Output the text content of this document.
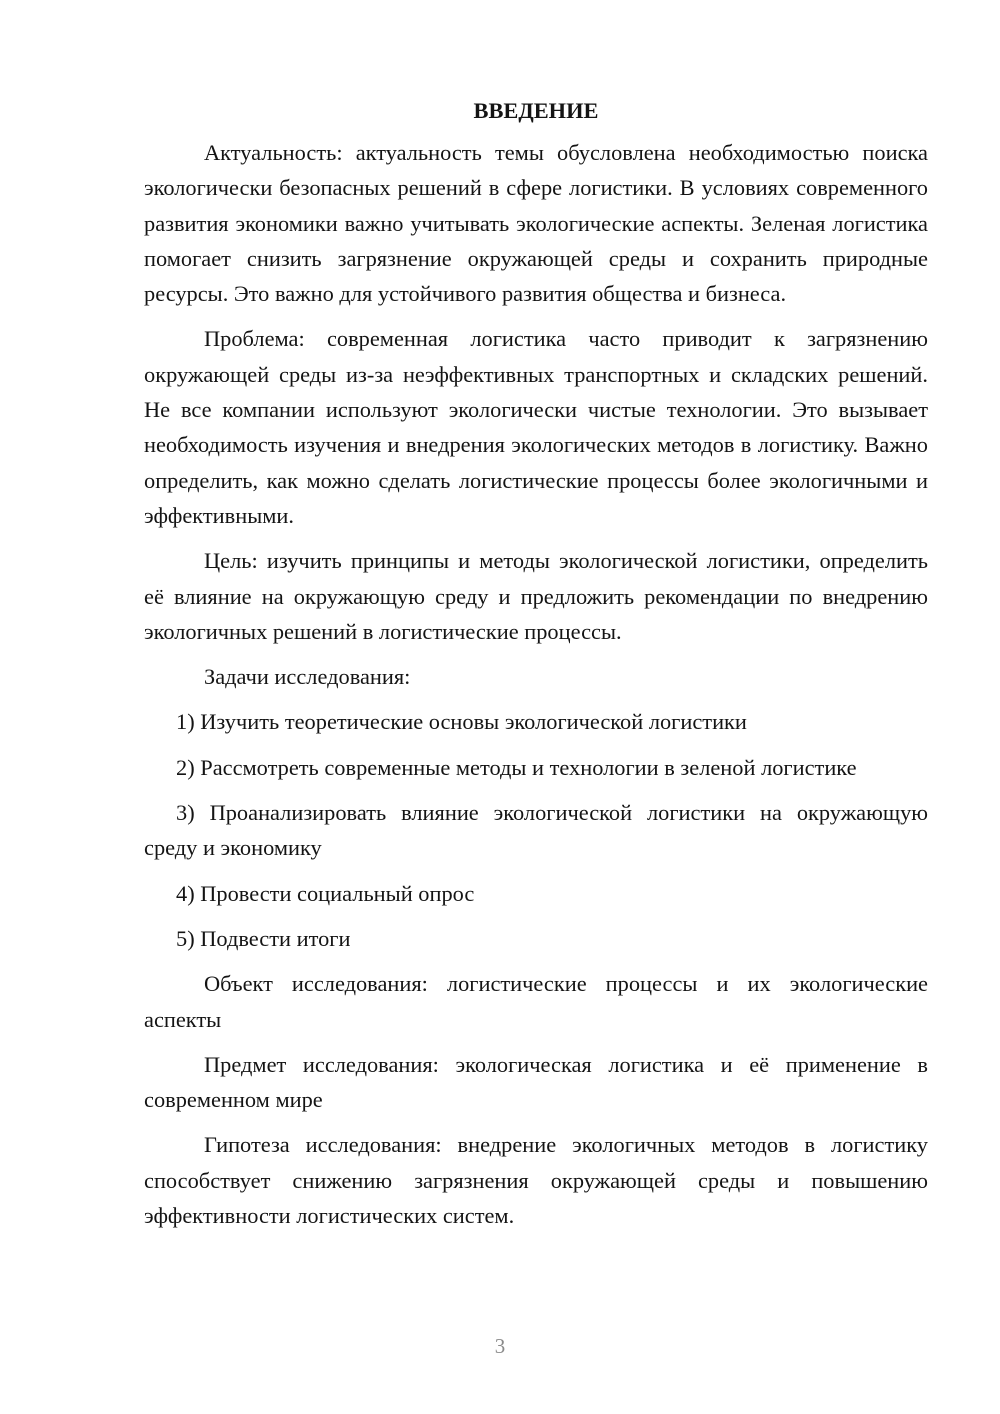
ВВЕДЕНИЕ

Актуальность: актуальность темы обусловлена необходимостью поиска экологически безопасных решений в сфере логистики. В условиях современного развития экономики важно учитывать экологические аспекты. Зеленая логистика помогает снизить загрязнение окружающей среды и сохранить природные ресурсы. Это важно для устойчивого развития общества и бизнеса.

Проблема: современная логистика часто приводит к загрязнению окружающей среды из-за неэффективных транспортных и складских решений. Не все компании используют экологически чистые технологии. Это вызывает необходимость изучения и внедрения экологических методов в логистику. Важно определить, как можно сделать логистические процессы более экологичными и эффективными.

Цель: изучить принципы и методы экологической логистики, определить её влияние на окружающую среду и предложить рекомендации по внедрению экологичных решений в логистические процессы.

Задачи исследования:

1) Изучить теоретические основы экологической логистики

2) Рассмотреть современные методы и технологии в зеленой логистике

3) Проанализировать влияние экологической логистики на окружающую среду и экономику

4) Провести социальный опрос

5) Подвести итоги

Объект исследования: логистические процессы и их экологические аспекты

Предмет исследования: экологическая логистика и её применение в современном мире

Гипотеза исследования: внедрение экологичных методов в логистику способствует снижению загрязнения окружающей среды и повышению эффективности логистических систем.

3
